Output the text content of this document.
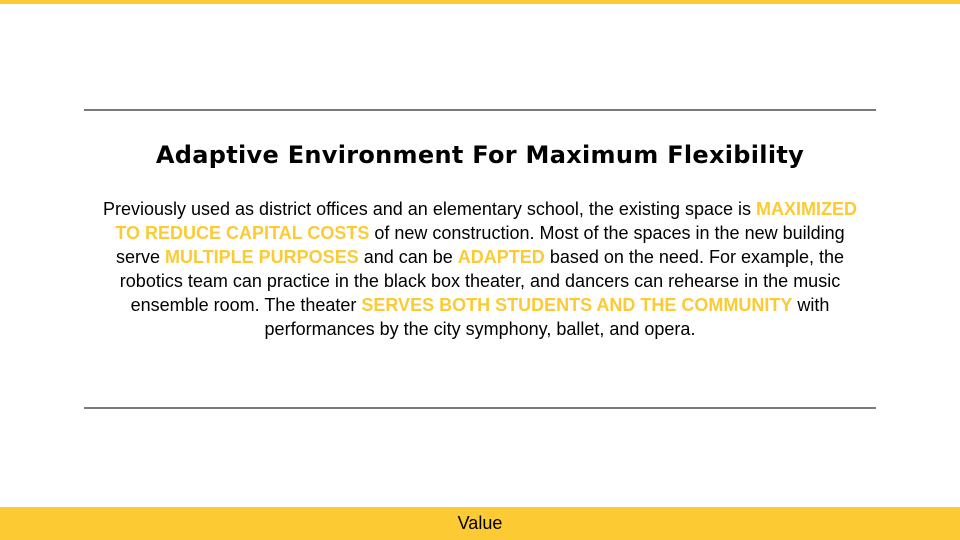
Adaptive Environment For Maximum Flexibility
Previously used as district offices and an elementary school, the existing space is MAXIMIZED TO REDUCE CAPITAL COSTS of new construction. Most of the spaces in the new building serve MULTIPLE PURPOSES and can be ADAPTED based on the need. For example, the robotics team can practice in the black box theater, and dancers can rehearse in the music ensemble room. The theater SERVES BOTH STUDENTS AND THE COMMUNITY with performances by the city symphony, ballet, and opera.
Value
